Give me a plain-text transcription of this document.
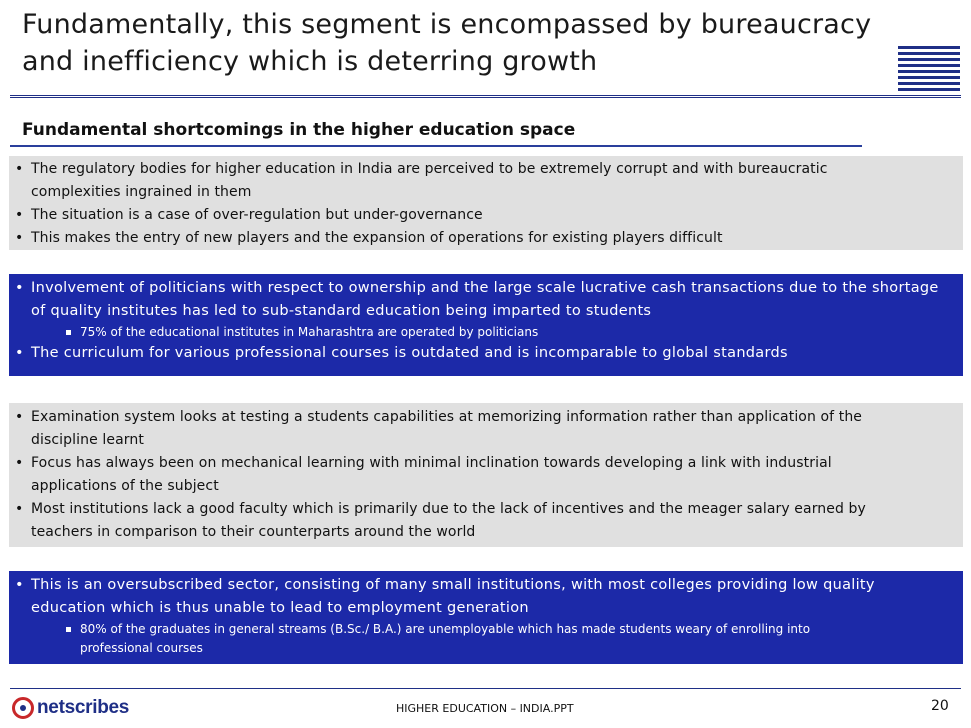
Fundamentally, this segment is encompassed by bureaucracy
and inefficiency which is deterring growth
Fundamental shortcomings in the higher education space
• The regulatory bodies for higher education in India are perceived to be extremely corrupt and with bureaucratic
complexities ingrained in them
• The situation is a case of over-regulation but under-governance
• This makes the entry of new players and the expansion of operations for existing players difficult
• Involvement of politicians with respect to ownership and the large scale lucrative cash transactions due to the shortage
of quality institutes has led to sub-standard education being imparted to students
75% of the educational institutes in Maharashtra are operated by politicians
• The curriculum for various professional courses is outdated and is incomparable to global standards
• Examination system looks at testing a students capabilities at memorizing information rather than application of the
discipline learnt
• Focus has always been on mechanical learning with minimal inclination towards developing a link with industrial
applications of the subject
• Most institutions lack a good faculty which is primarily due to the lack of incentives and the meager salary earned by
teachers in comparison to their counterparts around the world
• This is an oversubscribed sector, consisting of many small institutions, with most colleges providing low quality
education which is thus unable to lead to employment generation
80% of the graduates in general streams (B.Sc./ B.A.) are unemployable which has made students weary of enrolling into
professional courses
netscribes	HIGHER EDUCATION – INDIA.PPT	20
